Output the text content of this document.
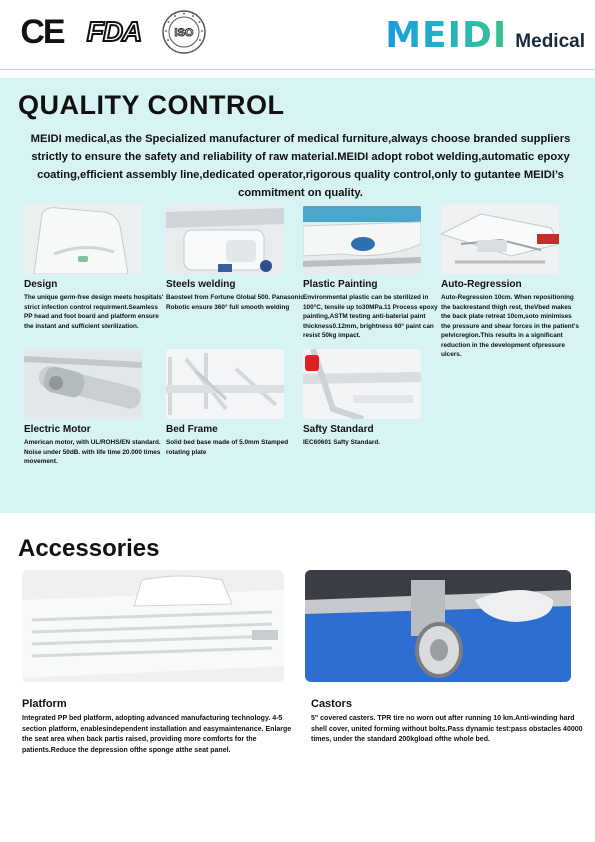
CE FDA	ISO	MEIDI Medical
QUALITY CONTROL
MEIDI medical,as the Specialized manufacturer of medical furniture,always choose branded suppliers strictly to ensure the safety and reliability of raw material.MEIDI adopt robot welding,automatic epoxy coating,efficient assembly line,dedicated operator,rigorous quality control,only to gutantee MEIDI’s commitment on quality.
Design
The unique germ-free design meets hospitals' strict infection control requirment.Seamless PP head and foot board and platform ensure the instant and sufficient sterilization.
Steels welding
Baosteel from Fortune Global 500. Panasonic Robotic ensure 360° full smooth welding
Plastic Painting
Environmental plastic can be sterilized in 100°C, tensile up to30MPa.11 Process epoxy painting,ASTM testing anti-baterial paint thickness0.12mm, brightness 60° paint can resist 50kg impact.
Auto-Regression
Auto-Regression 10cm. When repositioning the backrestand thigh rest, theVbed makes the back plate retreat 10cm,soto minimises the pressure and shear forces in the patient's pelvicregion.This results in a significant reduction in the development ofpressure ulcers.
Electric Motor
American motor, with UL/ROHS/EN standard. Noise under 50dB. with life time 20.000 times movement.
Bed Frame
Solid bed base made of 5.0mm Stamped rotating plate
Safty Standard
IEC60601 Safty Standard.
Accessories
Platform
Integrated PP bed platform, adopting advanced manufacturing technology. 4-5 section platform, enablesindependent installation and easymaintenance. Enlarge the seat area when back partis raised, providing more comforts for the patients.Reduce the depression ofthe sponge atthe seat panel.
Castors
5" covered casters. TPR tire no worn out after running 10 km.Anti-winding hard shell cover, united forming without bolts.Pass dynamic test:pass obstacles 40000 times, under the standard 200kgload ofthe whole bed.
